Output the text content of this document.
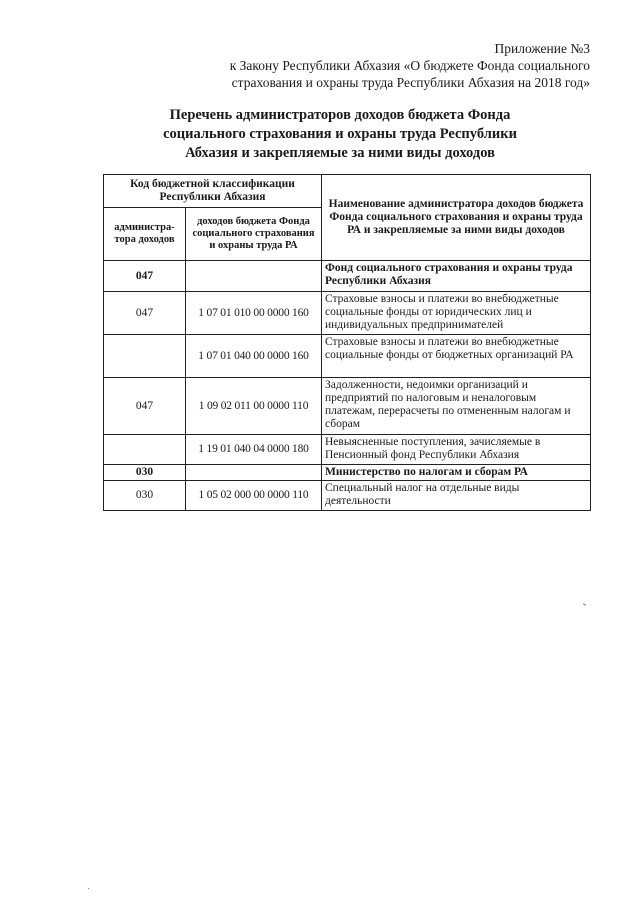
Приложение №3
к Закону Республики Абхазия «О бюджете Фонда социального
страхования и охраны труда Республики Абхазия на 2018 год»
Перечень администраторов доходов бюджета Фонда
социального страхования и охраны труда Республики
Абхазия и закрепляемые за ними виды доходов
Код бюджетной классификации Республики Абхазия		Наименование администратора доходов бюджета Фонда социального страхования и охраны труда РА и закрепляемые за ними виды доходов
администра-тора доходов	доходов бюджета Фонда социального страхования и охраны труда РА	
047		Фонд социального страхования и охраны труда Республики Абхазия
047	1 07 01 010 00 0000 160	Страховые взносы и платежи во внебюджетные социальные фонды от юридических лиц и индивидуальных предпринимателей
	1 07 01 040 00 0000 160	Страховые взносы и платежи во внебюджетные социальные фонды от бюджетных организаций РА
047	1 09 02 011 00 0000 110	Задолженности, недоимки организаций и предприятий по налоговым и неналоговым платежам, перерасчеты по отмененным налогам и сборам
	1 19 01 040 04 0000 180	Невыясненные поступления, зачисляемые в Пенсионный фонд Республики Абхазия
030		Министерство по налогам и сборам РА
030	1 05 02 000 00 0000 110	Специальный налог на отдельные виды деятельности
